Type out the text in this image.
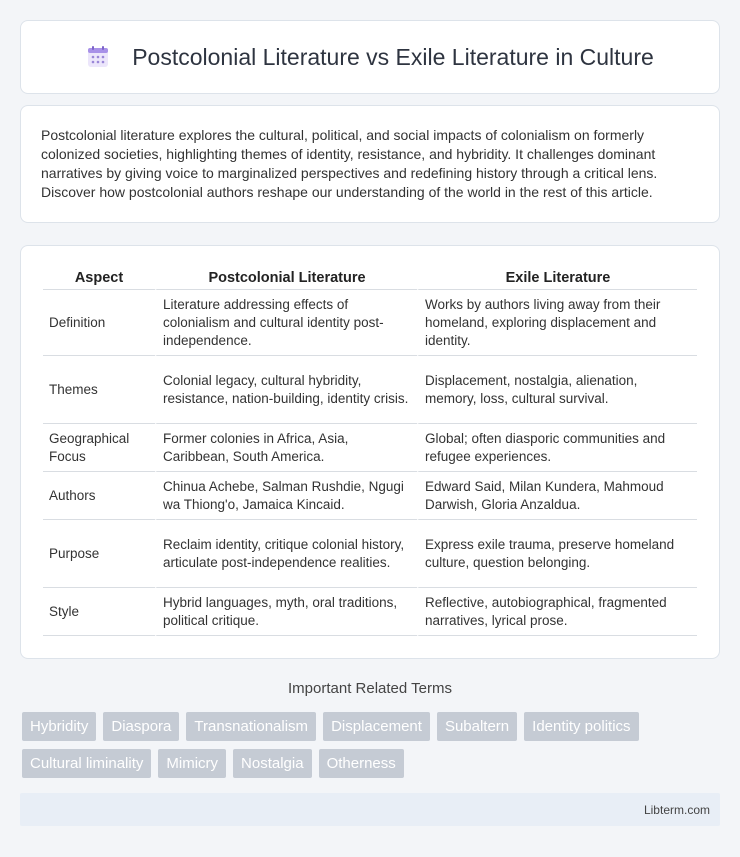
Postcolonial Literature vs Exile Literature in Culture

Postcolonial literature explores the cultural, political, and social impacts of colonialism on formerly colonized societies, highlighting themes of identity, resistance, and hybridity. It challenges dominant narratives by giving voice to marginalized perspectives and redefining history through a critical lens. Discover how postcolonial authors reshape our understanding of the world in the rest of this article.

Aspect	Postcolonial Literature	Exile Literature
Definition	Literature addressing effects of colonialism and cultural identity post-independence.	Works by authors living away from their homeland, exploring displacement and identity.
Themes	Colonial legacy, cultural hybridity, resistance, nation-building, identity crisis.	Displacement, nostalgia, alienation, memory, loss, cultural survival.
Geographical Focus	Former colonies in Africa, Asia, Caribbean, South America.	Global; often diasporic communities and refugee experiences.
Authors	Chinua Achebe, Salman Rushdie, Ngugi wa Thiong'o, Jamaica Kincaid.	Edward Said, Milan Kundera, Mahmoud Darwish, Gloria Anzaldua.
Purpose	Reclaim identity, critique colonial history, articulate post-independence realities.	Express exile trauma, preserve homeland culture, question belonging.
Style	Hybrid languages, myth, oral traditions, political critique.	Reflective, autobiographical, fragmented narratives, lyrical prose.
Important Related Terms
Hybridity	Diaspora	Transnationalism	Displacement	Subaltern	Identity politics
Cultural liminality	Mimicry	Nostalgia	Otherness
Libterm.com
